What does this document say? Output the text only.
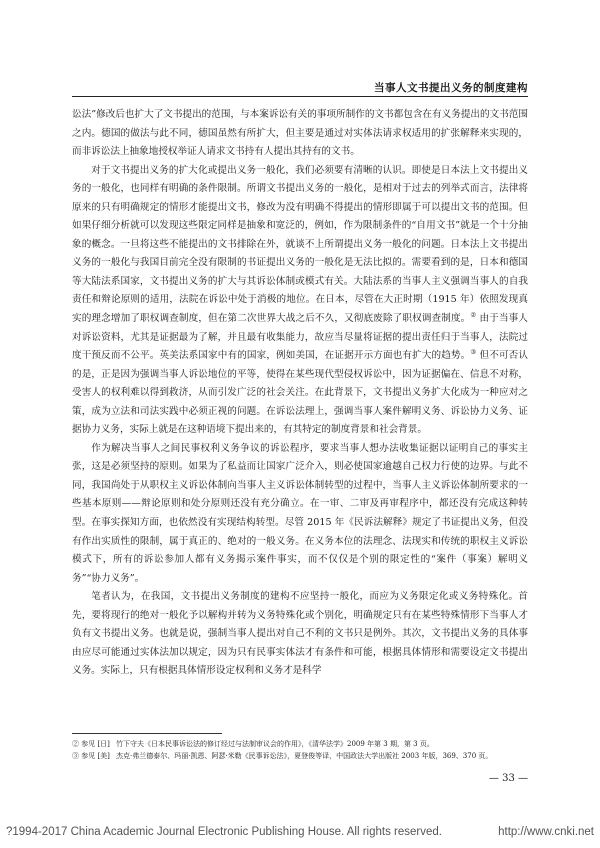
当事人文书提出义务的制度建构

讼法”修改后也扩大了文书提出的范围，与本案诉讼有关的事项所制作的文书都包含在有义务提出的文书范围之内。德国的做法与此不同，德国虽然有所扩大，但主要是通过对实体法请求权适用的扩张解释来实现的，而非诉讼法上抽象地授权举证人请求文书持有人提出其持有的文书。

对于文书提出义务的扩大化或提出义务一般化，我们必须要有清晰的认识。即使是日本法上文书提出义务的一般化，也同样有明确的条件限制。所谓文书提出义务的一般化，是相对于过去的列举式而言，法律将原来的只有明确规定的情形才能提出文书，修改为没有明确不得提出的情形即属于可以提出文书的范围。但如果仔细分析就可以发现这些限定同样是抽象和宽泛的，例如，作为限制条件的“自用文书”就是一个十分抽象的概念。一旦将这些不能提出的文书排除在外，就谈不上所谓提出义务一般化的问题。日本法上文书提出义务的一般化与我国目前完全没有限制的书证提出义务的一般化是无法比拟的。需要看到的是，日本和德国等大陆法系国家，文书提出义务的扩大与其诉讼体制或模式有关。大陆法系的当事人主义强调当事人的自我责任和辩论原则的适用，法院在诉讼中处于消极的地位。在日本，尽管在大正时期（1915 年）依照发现真实的理念增加了职权调查制度，但在第二次世界大战之后不久，又彻底废除了职权调查制度。② 由于当事人对诉讼资料，尤其是证据最为了解，并且最有收集能力，故应当尽量将证据的提出责任归于当事人，法院过度干预反而不公平。英美法系国家中有的国家，例如美国，在证据开示方面也有扩大的趋势。③ 但不可否认的是，正是因为强调当事人诉讼地位的平等，使得在某些现代型侵权诉讼中，因为证据偏在、信息不对称，受害人的权利难以得到救济，从而引发广泛的社会关注。在此背景下，文书提出义务扩大化成为一种应对之策，成为立法和司法实践中必须正视的问题。在诉讼法理上，强调当事人案件解明义务、诉讼协力义务、证据协力义务，实际上就是在这种语境下提出来的，有其特定的制度背景和社会背景。

作为解决当事人之间民事权利义务争议的诉讼程序，要求当事人想办法收集证据以证明自己的事实主张，这是必须坚持的原则。如果为了私益而让国家广泛介入，则必使国家逾越自己权力行使的边界。与此不同，我国尚处于从职权主义诉讼体制向当事人主义诉讼体制转型的过程中，当事人主义诉讼体制所要求的一些基本原则——辩论原则和处分原则还没有充分确立。在一审、二审及再审程序中，都还没有完成这种转型。在事实探知方面，也依然没有实现结构转型。尽管 2015 年《民诉法解释》规定了书证提出义务，但没有作出实质性的限制，属于真正的、绝对的一般义务。在义务本位的法理念、法现实和传统的职权主义诉讼模式下，所有的诉讼参加人都有义务揭示案件事实，而不仅仅是个别的限定性的“案件（事案）解明义务”“协力义务”。

笔者认为，在我国，文书提出义务制度的建构不应坚持一般化，而应为义务限定化或义务特殊化。首先，要将现行的绝对一般化予以解构并转为义务特殊化或个别化，明确规定只有在某些特殊情形下当事人才负有文书提出义务。也就是说，强制当事人提出对自己不利的文书只是例外。其次，文书提出义务的具体事由应尽可能通过实体法加以规定，因为只有民事实体法才有条件和可能，根据具体情形和需要设定文书提出义务。实际上，只有根据具体情形设定权利和义务才是科学

② 参见 [日] 竹下守夫《日本民事诉讼法的修订经过与法制审议会的作用》，《清华法学》2009 年第 3 期，第 3 页。

③ 参见 [美] 杰克·弗兰德泰尔、玛丽·凯恩、阿瑟·米勒《民事诉讼法》，夏登俊等译，中国政法大学出版社 2003 年版，369、370 页。

— 33 —
?1994-2017 China Academic Journal Electronic Publishing House. All rights reserved.	http://www.cnki.net
